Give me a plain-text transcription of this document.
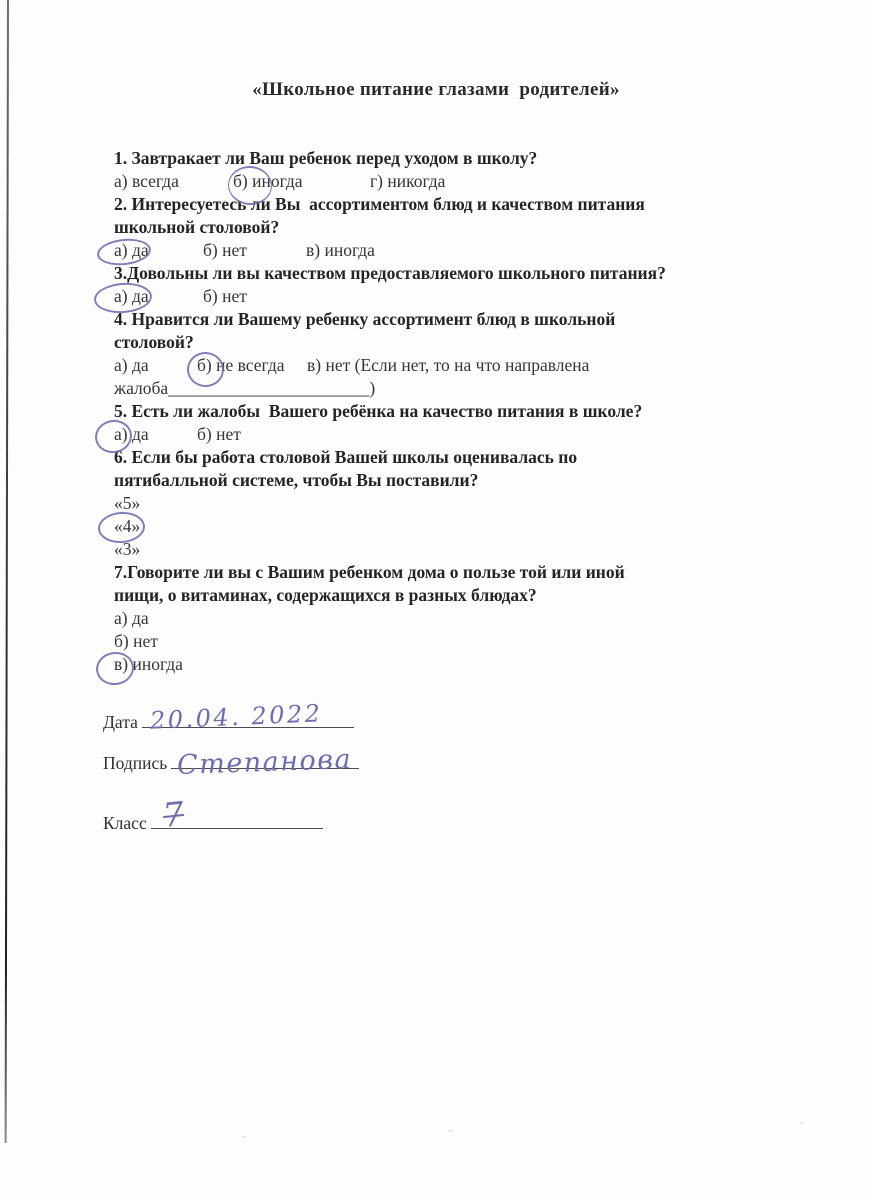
«Школьное питание глазами  родителей»
1. Завтракает ли Ваш ребенок перед уходом в школу?
а) всегда	б) иногда	г) никогда
2. Интересуетесь ли Вы  ассортиментом блюд и качеством питания
школьной столовой?
а) да	б) нет	в) иногда
3.Довольны ли вы качеством предоставляемого школьного питания?
а) да	б) нет
4. Нравится ли Вашему ребенку ассортимент блюд в школьной
столовой?
а) да	б) не всегда в) нет (Если нет, то на что направлена
жалоба_______________________)
5. Есть ли жалобы  Вашего ребёнка на качество питания в школе?
а) да	б) нет
6. Если бы работа столовой Вашей школы оценивалась по
пятибалльной системе, чтобы Вы поставили?
«5»
«4»
«3»
7.Говорите ли вы с Вашим ребенком дома о пользе той или иной
пищи, о витаминах, содержащихся в разных блюдах?
а) да
б) нет
в) иногда
Дата 20.04. 2022
Подпись Степанова
Класс 7
